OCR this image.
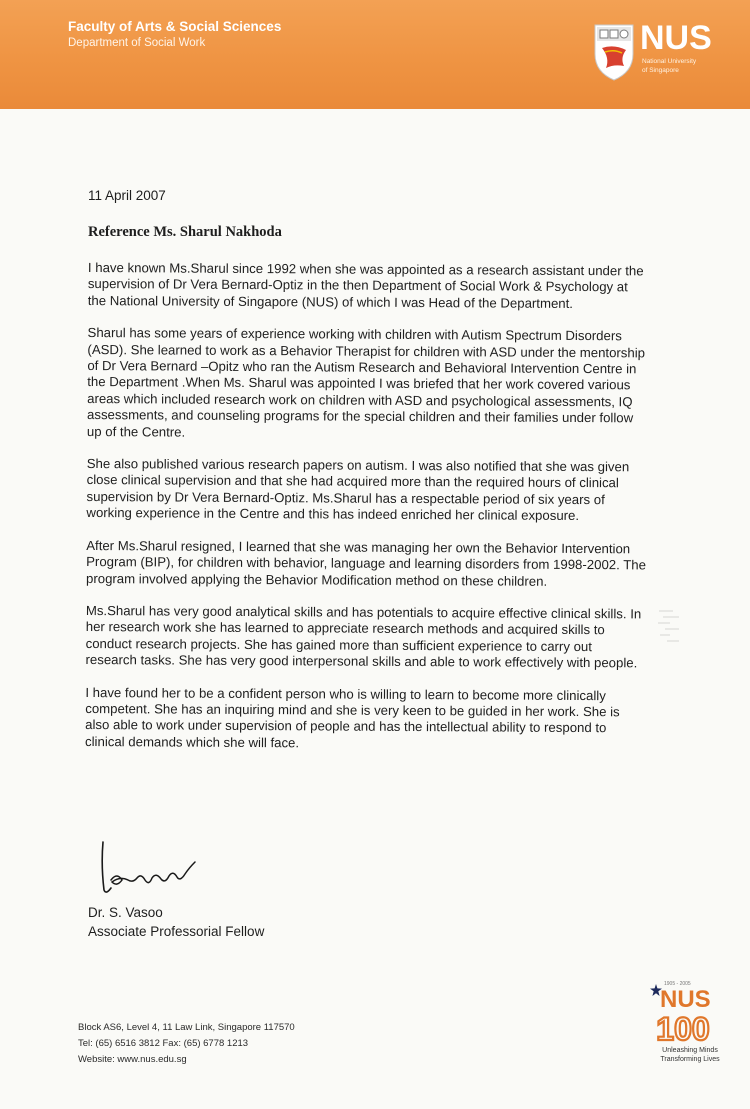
Faculty of Arts & Social Sciences
Department of Social Work	NUS
National University
of Singapore
11 April 2007
Reference Ms. Sharul Nakhoda

I have known Ms.Sharul since 1992 when she was appointed as a research assistant under the supervision of Dr Vera Bernard-Optiz in the then Department of Social Work & Psychology at the National University of Singapore (NUS) of which I was Head of the Department.

Sharul has some years of experience working with children with Autism Spectrum Disorders (ASD). She learned to work as a Behavior Therapist for children with ASD under the mentorship of Dr Vera Bernard –Opitz who ran the Autism Research and Behavioral Intervention Centre in the Department .When Ms. Sharul was appointed I was briefed that her work covered various areas which included research work on children with ASD and psychological assessments, IQ assessments, and counseling programs for the special children and their families under follow up of the Centre.

She also published various research papers on autism. I was also notified that she was given close clinical supervision and that she had acquired more than the required hours of clinical supervision by Dr Vera Bernard-Optiz. Ms.Sharul has a respectable period of six years of working experience in the Centre and this has indeed enriched her clinical exposure.

After Ms.Sharul resigned, I learned that she was managing her own the Behavior Intervention Program (BIP), for children with behavior, language and learning disorders from 1998-2002. The program involved applying the Behavior Modification method on these children.

Ms.Sharul has very good analytical skills and has potentials to acquire effective clinical skills. In her research work she has learned to appreciate research methods and acquired skills to conduct research projects. She has gained more than sufficient experience to carry out research tasks. She has very good interpersonal skills and able to work effectively with people.

I have found her to be a confident person who is willing to learn to become more clinically competent. She has an inquiring mind and she is very keen to be guided in her work. She is also able to work under supervision of people and has the intellectual ability to respond to clinical demands which she will face.

Dr. S. Vasoo
Associate Professorial Fellow
Block AS6, Level 4, 11 Law Link, Singapore 117570
Tel: (65) 6516 3812 Fax: (65) 6778 1213
Website: www.nus.edu.sg
1905 - 2005
NUS
100
Unleashing Minds
Transforming Lives
